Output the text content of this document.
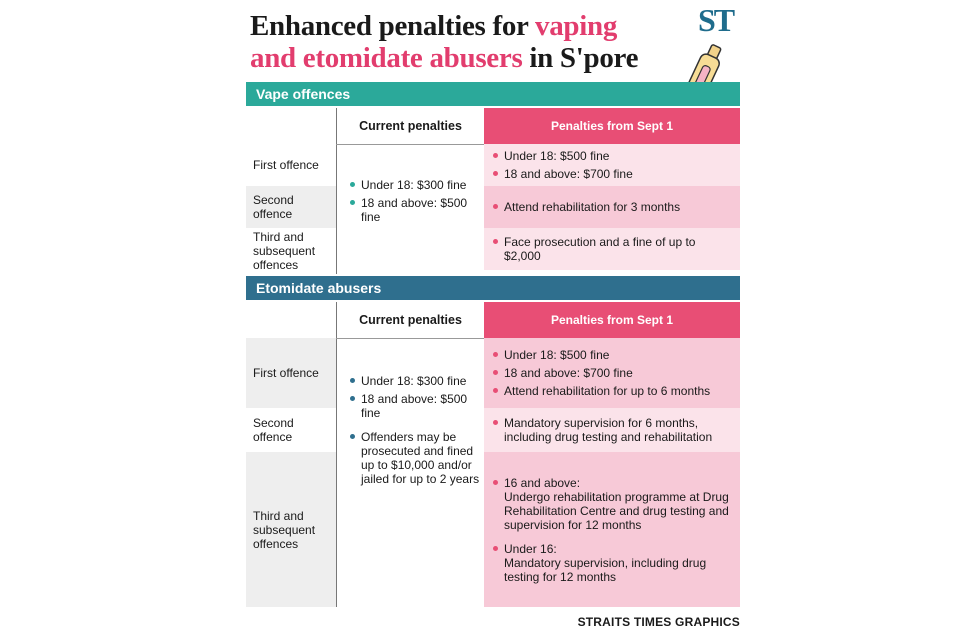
Enhanced penalties for vaping
and etomidate abusers in S'pore
ST
Vape offences
Current penalties	Penalties from Sept 1
First offence
Second offence
Third and subsequent offences
Under 18: $300 fine
18 and above: $500 fine
Under 18: $500 fine
18 and above: $700 fine
Attend rehabilitation for 3 months
Face prosecution and a fine of up to $2,000
Etomidate abusers
Current penalties	Penalties from Sept 1
First offence
Second offence
Third and subsequent offences
Under 18: $300 fine
18 and above: $500 fine
Offenders may be prosecuted and fined up to $10,000 and/or jailed for up to 2 years
Under 18: $500 fine
18 and above: $700 fine
Attend rehabilitation for up to 6 months
Mandatory supervision for 6 months, including drug testing and rehabilitation
16 and above:
Undergo rehabilitation programme at Drug Rehabilitation Centre and drug testing and supervision for 12 months
Under 16:
Mandatory supervision, including drug testing for 12 months
STRAITS TIMES GRAPHICS
